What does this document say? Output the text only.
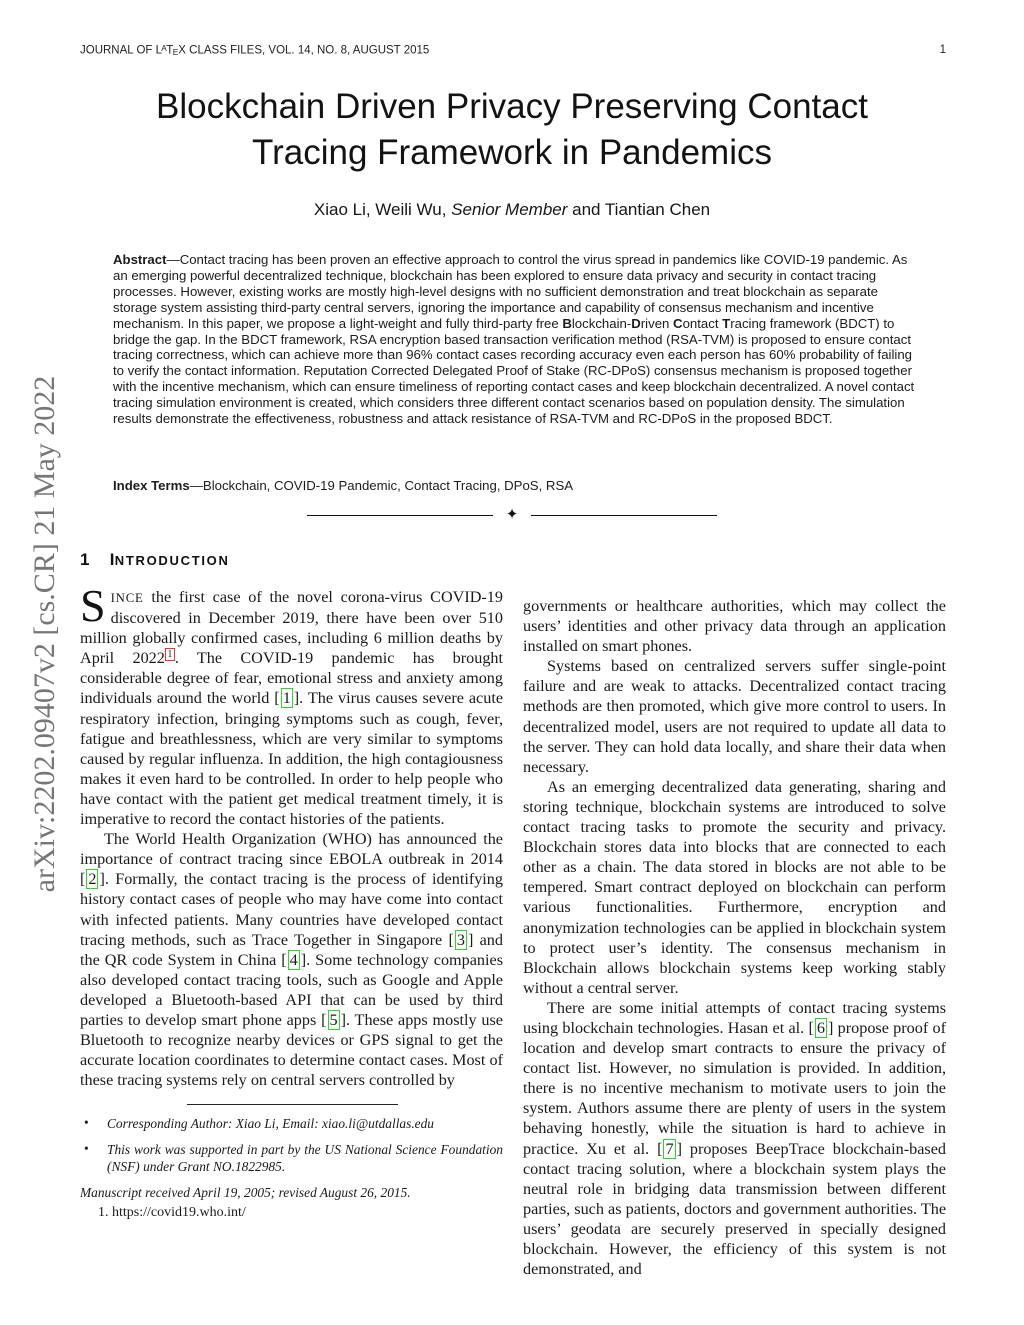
arXiv:2202.09407v2 [cs.CR] 21 May 2022
JOURNAL OF $L^ATEX$ CLASS FILES, VOL. 14, NO. 8, AUGUST 2015	1
Blockchain Driven Privacy Preserving Contact
Tracing Framework in Pandemics
Xiao Li, Weili Wu, Senior Member and Tiantian Chen
Abstract—Contact tracing has been proven an effective approach to control the virus spread in pandemics like COVID-19 pandemic. As an emerging powerful decentralized technique, blockchain has been explored to ensure data privacy and security in contact tracing processes. However, existing works are mostly high-level designs with no sufficient demonstration and treat blockchain as separate storage system assisting third-party central servers, ignoring the importance and capability of consensus mechanism and incentive mechanism. In this paper, we propose a light-weight and fully third-party free Blockchain-Driven Contact Tracing framework (BDCT) to bridge the gap. In the BDCT framework, RSA encryption based transaction verification method (RSA-TVM) is proposed to ensure contact tracing correctness, which can achieve more than 96% contact cases recording accuracy even each person has 60% probability of failing to verify the contact information. Reputation Corrected Delegated Proof of Stake (RC-DPoS) consensus mechanism is proposed together with the incentive mechanism, which can ensure timeliness of reporting contact cases and keep blockchain decentralized. A novel contact tracing simulation environment is created, which considers three different contact scenarios based on population density. The simulation results demonstrate the effectiveness, robustness and attack resistance of RSA-TVM and RC-DPoS in the proposed BDCT.
Index Terms—Blockchain, COVID-19 Pandemic, Contact Tracing, DPoS, RSA
✦
1 INTRODUCTION

SINCE the first case of the novel corona-virus COVID-19 discovered in December 2019, there have been over 510 million globally confirmed cases, including 6 million deaths by April 2022 $^1$ . The COVID-19 pandemic has brought considerable degree of fear, emotional stress and anxiety among individuals around the world [ 1 ]. The virus causes severe acute respiratory infection, bringing symptoms such as cough, fever, fatigue and breathlessness, which are very similar to symptoms caused by regular influenza. In addition, the high contagiousness makes it even hard to be controlled. In order to help people who have contact with the patient get medical treatment timely, it is imperative to record the contact histories of the patients.

The World Health Organization (WHO) has announced the importance of contract tracing since EBOLA outbreak in 2014 [ 2 ]. Formally, the contact tracing is the process of identifying history contact cases of people who may have come into contact with infected patients. Many countries have developed contact tracing methods, such as Trace Together in Singapore [ 3 ] and the QR code System in China [ 4 ]. Some technology companies also developed contact tracing tools, such as Google and Apple developed a Bluetooth-based API that can be used by third parties to develop smart phone apps [ 5 ]. These apps mostly use Bluetooth to recognize nearby devices or GPS signal to get the accurate location coordinates to determine contact cases. Most of these tracing systems rely on central servers controlled by

• Corresponding Author: Xiao Li, Email: xiao.li@utdallas.edu
• This work was supported in part by the US National Science Foundation (NSF) under Grant NO.1822985.
Manuscript received April 19, 2005; revised August 26, 2015.
1. https://covid19.who.int/

governments or healthcare authorities, which may collect the users’ identities and other privacy data through an application installed on smart phones.

Systems based on centralized servers suffer single-point failure and are weak to attacks. Decentralized contact tracing methods are then promoted, which give more control to users. In decentralized model, users are not required to update all data to the server. They can hold data locally, and share their data when necessary.

As an emerging decentralized data generating, sharing and storing technique, blockchain systems are introduced to solve contact tracing tasks to promote the security and privacy. Blockchain stores data into blocks that are connected to each other as a chain. The data stored in blocks are not able to be tempered. Smart contract deployed on blockchain can perform various functionalities. Furthermore, encryption and anonymization technologies can be applied in blockchain system to protect user’s identity. The consensus mechanism in Blockchain allows blockchain systems keep working stably without a central server.

There are some initial attempts of contact tracing systems using blockchain technologies. Hasan et al. [ 6 ] propose proof of location and develop smart contracts to ensure the privacy of contact list. However, no simulation is provided. In addition, there is no incentive mechanism to motivate users to join the system. Authors assume there are plenty of users in the system behaving honestly, while the situation is hard to achieve in practice. Xu et al. [ 7 ] proposes BeepTrace blockchain-based contact tracing solution, where a blockchain system plays the neutral role in bridging data transmission between different parties, such as patients, doctors and government authorities. The users’ geodata are securely preserved in specially designed blockchain. However, the efficiency of this system is not demonstrated, and
